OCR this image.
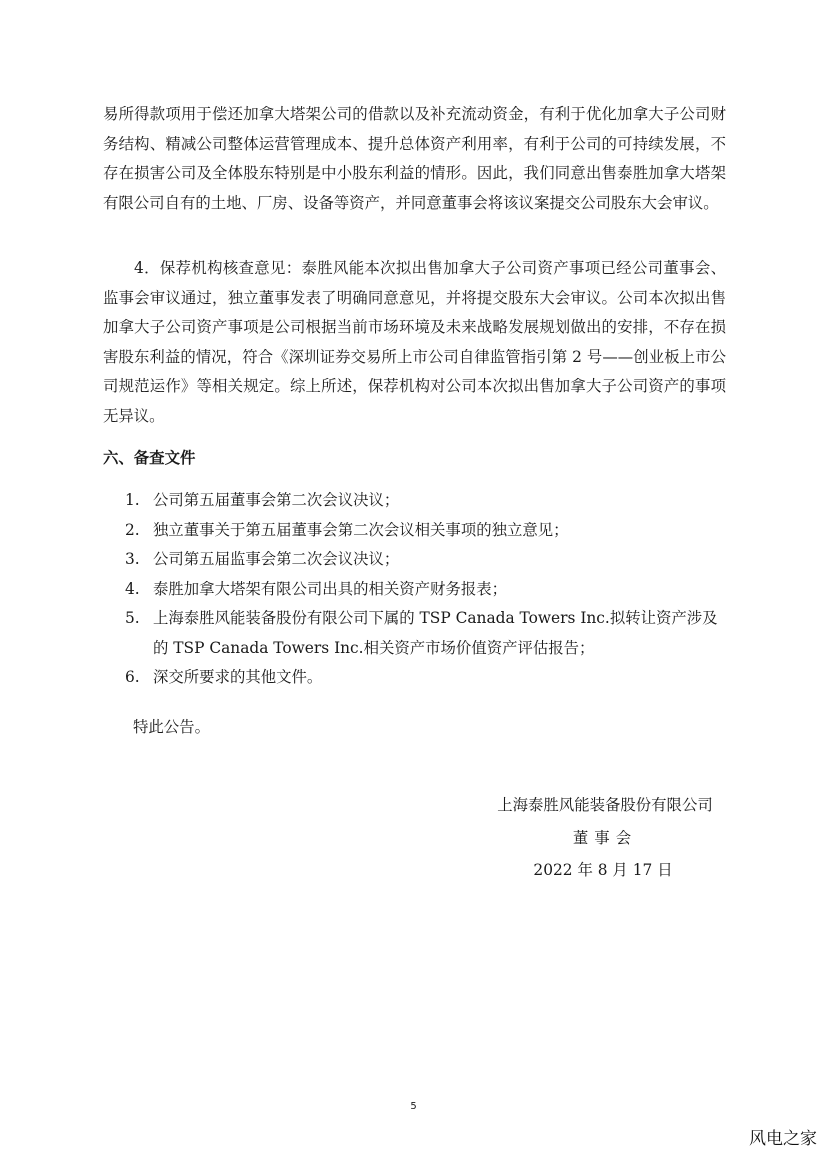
易所得款项用于偿还加拿大塔架公司的借款以及补充流动资金，有利于优化加拿大子公司财务结构、精减公司整体运营管理成本、提升总体资产利用率，有利于公司的可持续发展，不存在损害公司及全体股东特别是中小股东利益的情形。因此，我们同意出售泰胜加拿大塔架有限公司自有的土地、厂房、设备等资产，并同意董事会将该议案提交公司股东大会审议。

4．保荐机构核查意见：泰胜风能本次拟出售加拿大子公司资产事项已经公司董事会、监事会审议通过，独立董事发表了明确同意意见，并将提交股东大会审议。公司本次拟出售加拿大子公司资产事项是公司根据当前市场环境及未来战略发展规划做出的安排，不存在损害股东利益的情况，符合《深圳证券交易所上市公司自律监管指引第 2 号——创业板上市公司规范运作》等相关规定。综上所述，保荐机构对公司本次拟出售加拿大子公司资产的事项无异议。

六、备查文件
1. 公司第五届董事会第二次会议决议；
2. 独立董事关于第五届董事会第二次会议相关事项的独立意见；
3. 公司第五届监事会第二次会议决议；
4. 泰胜加拿大塔架有限公司出具的相关资产财务报表；
5. 上海泰胜风能装备股份有限公司下属的 TSP Canada Towers Inc.拟转让资产涉及的 TSP Canada Towers Inc.相关资产市场价值资产评估报告；
6. 深交所要求的其他文件。

特此公告。

上海泰胜风能装备股份有限公司

董事会

2022 年 8 月 17 日

5
风电之家
